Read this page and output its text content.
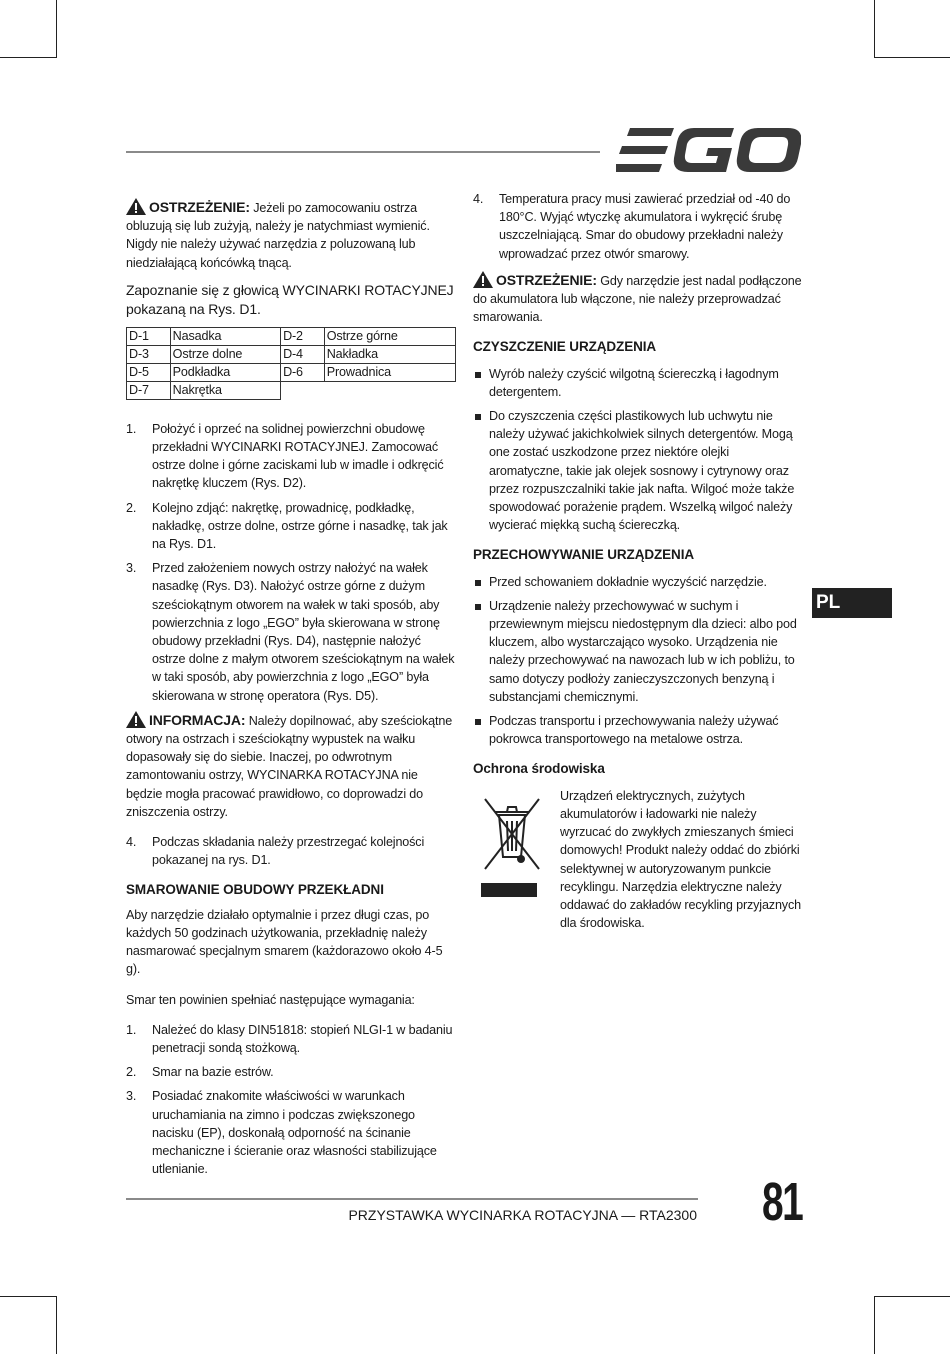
OSTRZEŻENIE: Jeżeli po zamocowaniu ostrza obluzują się lub zużyją, należy je natychmiast wymienić. Nigdy nie należy używać narzędzia z poluzowaną lub niedziałającą końcówką tnącą.

Zapoznanie się z głowicą WYCINARKI ROTACYJNEJ pokazaną na Rys. D1.

D-1	Nasadka	D-2	Ostrze górne
D-3	Ostrze dolne	D-4	Nakładka
D-5	Podkładka	D-6	Prowadnica
D-7	Nakrętka		
1. Położyć i oprzeć na solidnej powierzchni obudowę przekładni WYCINARKI ROTACYJNEJ. Zamocować ostrze dolne i górne zaciskami lub w imadle i odkręcić nakrętkę kluczem (Rys. D2).
2. Kolejno zdjąć: nakrętkę, prowadnicę, podkładkę, nakładkę, ostrze dolne, ostrze górne i nasadkę, tak jak na Rys. D1.
3. Przed założeniem nowych ostrzy nałożyć na wałek nasadkę (Rys. D3). Nałożyć ostrze górne z dużym sześciokątnym otworem na wałek w taki sposób, aby powierzchnia z logo „EGO” była skierowana w stronę obudowy przekładni (Rys. D4), następnie nałożyć ostrze dolne z małym otworem sześciokątnym na wałek w taki sposób, aby powierzchnia z logo „EGO” była skierowana w stronę operatora (Rys. D5).

INFORMACJA: Należy dopilnować, aby sześciokątne otwory na ostrzach i sześciokątny wypustek na wałku dopasowały się do siebie. Inaczej, po odwrotnym zamontowaniu ostrzy, WYCINARKA ROTACYJNA nie będzie mogła pracować prawidłowo, co doprowadzi do zniszczenia ostrzy.

4. Podczas składania należy przestrzegać kolejności pokazanej na rys. D1.
SMAROWANIE OBUDOWY PRZEKŁADNI

Aby narzędzie działało optymalnie i przez długi czas, po każdych 50 godzinach użytkowania, przekładnię należy nasmarować specjalnym smarem (każdorazowo około 4-5 g).

Smar ten powinien spełniać następujące wymagania:

1. Należeć do klasy DIN51818: stopień NLGI-1 w badaniu penetracji sondą stożkową.
2. Smar na bazie estrów.
3. Posiadać znakomite właściwości w warunkach uruchamiania na zimno i podczas zwiększonego nacisku (EP), doskonałą odporność na ścinanie mechaniczne i ścieranie oraz własności stabilizujące utlenianie.
4. Temperatura pracy musi zawierać przedział od -40 do 180°C. Wyjąć wtyczkę akumulatora i wykręcić śrubę uszczelniającą. Smar do obudowy przekładni należy wprowadzać przez otwór smarowy.

OSTRZEŻENIE: Gdy narzędzie jest nadal podłączone do akumulatora lub włączone, nie należy przeprowadzać smarowania.

CZYSZCZENIE URZĄDZENIA
Wyrób należy czyścić wilgotną ściereczką i łagodnym detergentem.
Do czyszczenia części plastikowych lub uchwytu nie należy używać jakichkolwiek silnych detergentów. Mogą one zostać uszkodzone przez niektóre olejki aromatyczne, takie jak olejek sosnowy i cytrynowy oraz przez rozpuszczalniki takie jak nafta. Wilgoć może także spowodować porażenie prądem. Wszelką wilgoć należy wycierać miękką suchą ściereczką.
PRZECHOWYWANIE URZĄDZENIA
Przed schowaniem dokładnie wyczyścić narzędzie.
Urządzenie należy przechowywać w suchym i przewiewnym miejscu niedostępnym dla dzieci: albo pod kluczem, albo wystarczająco wysoko. Urządzenia nie należy przechowywać na nawozach lub w ich pobliżu, to samo dotyczy podłoży zanieczyszczonych benzyną i substancjami chemicznymi.
Podczas transportu i przechowywania należy używać pokrowca transportowego na metalowe ostrza.
Ochrona środowiska

Urządzeń elektrycznych, zużytych akumulatorów i ładowarki nie należy wyrzucać do zwykłych zmieszanych śmieci domowych! Produkt należy oddać do zbiórki selektywnej w autoryzowanym punkcie recyklingu. Narzędzia elektryczne należy oddawać do zakładów recykling przyjaznych dla środowiska.

PL
PRZYSTAWKA WYCINARKA ROTACYJNA — RTA2300 81
